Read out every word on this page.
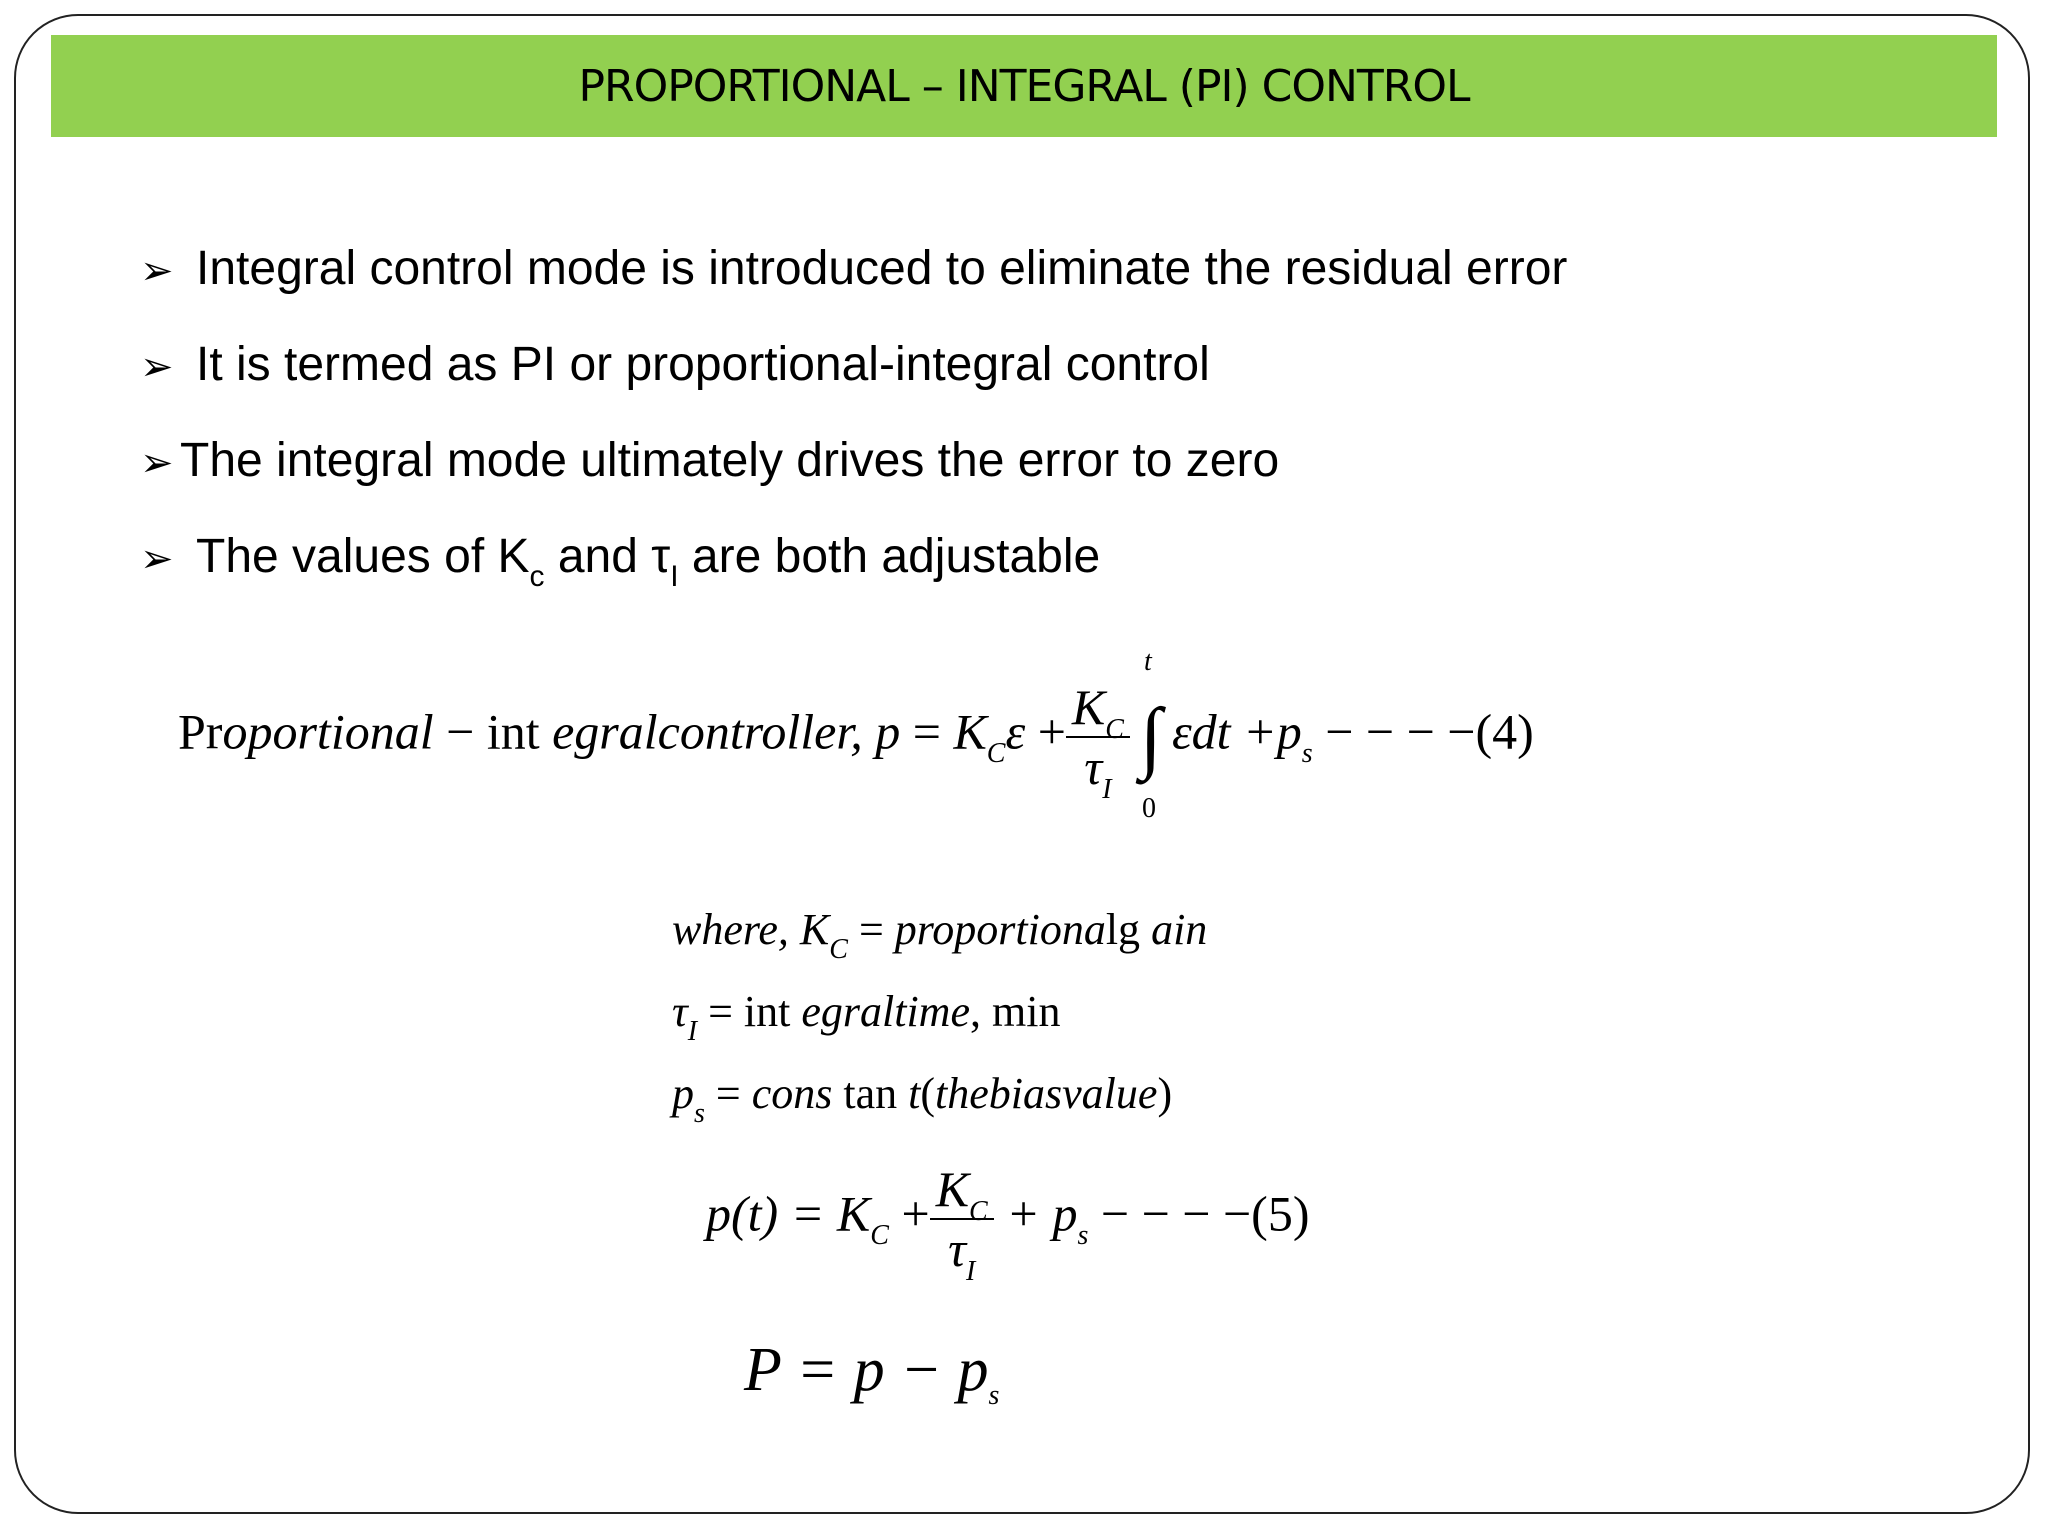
PROPORTIONAL – INTEGRAL (PI) CONTROL
➢ Integral control mode is introduced to eliminate the residual error
➢ It is termed as PI or proportional-integral control
➢ The integral mode ultimately drives the error to zero
➢ The values of $K_c$ and $\tau_I$ are both adjustable
Proportional − int egralcontroller, $p = K_C\varepsilon + \frac{K_C}{\tau_I}$ ∫
t
0
$\varepsilon dt +p_s$ − − − −(4)
where, $K_C$ = proportionalg ain
$\tau_I$ = int egraltime, min
$p_s$ = cons tan t(thebiasvalue)
$p(t) = K_C + \frac{K_C}{\tau_I} + p_s$ − − − −(5)
$P = p - p_s$
